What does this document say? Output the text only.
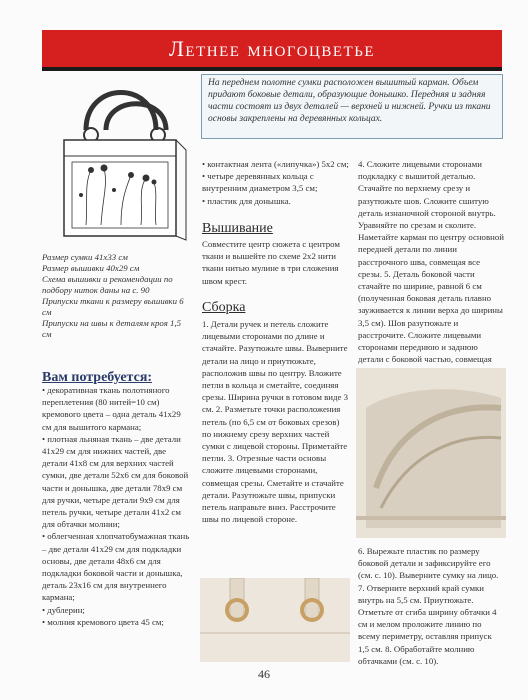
Летнее многоцветье
На переднем полотне сумки расположен вышитый карман. Объем придают боковые детали, образующие донышко. Передняя и задняя части состоят из двух деталей — верхней и нижней. Ручки из ткани основы закреплены на деревянных кольцах.

Размер сумки 41x33 см

Размер вышивки 40x29 см

Схема вышивки и рекомендации по подбору ниток даны на с. 90

Припуски ткани к размеру вышивки 6 см

Припуски на швы к деталям кроя 1,5 см

Вам потребуется:
• декоративная ткань полотняного переплетения (80 нитей=10 см) кремового цвета – одна деталь 41x29 см для вышитого кармана;
• плотная льняная ткань – две детали 41x29 см для нижних частей, две детали 41x8 см для верхних частей сумки, две детали 52x6 см для боковой части и донышка, две детали 78x9 см для ручки, четыре детали 9x9 см для петель ручки, четыре детали 41x2 см для обтачки молнии;
• облегченная хлопчатобумажная ткань – две детали 41x29 см для подкладки основы, две детали 48x6 см для подкладки боковой части и донышка, деталь 23x16 см для внутреннего кармана;
• дублерин;
• молния кремового цвета 45 см;
• контактная лента («липучка») 5x2 см;
• четыре деревянных кольца с внутренним диаметром 3,5 см;
• пластик для донышка.
Вышивание
Совместите центр сюжета с центром ткани и вышейте по схеме 2x2 нити ткани нитью мулине в три сложения швом крест.
Сборка
1. Детали ручек и петель сложите лицевыми сторонами по длине и стачайте. Разутюжьте швы. Выверните детали на лицо и приутюжьте, расположив швы по центру. Вложите петли в кольца и сметайте, соединяя срезы. Ширина ручки в готовом виде 3 см. 2. Разметьте точки расположения петель (по 6,5 см от боковых срезов) по нижнему срезу верхних частей сумки с лицевой стороны. Приметайте петли. 3. Отрезные части основы сложите лицевыми сторонами, совмещая срезы. Сметайте и стачайте детали. Разутюжьте швы, припуски петель направьте вниз. Расстрочите швы по лицевой стороне.
4. Сложите лицевыми сторонами подкладку с вышитой деталью. Стачайте по верхнему срезу и разутюжьте шов. Сложите сшитую деталь изнаночной стороной внутрь. Уравняйте по срезам и сколите. Наметайте карман по центру основной передней детали по линии расстрочного шва, совмещая все срезы. 5. Деталь боковой части стачайте по ширине, равной 6 см (полученная боковая деталь плавно зауживается к линии верха до ширины 3,5 см). Шов разутюжьте и расстрочите. Сложите лицевыми сторонами переднюю и заднюю детали с боковой частью, совмещая
6. Вырежьте пластик по размеру боковой детали и зафиксируйте его (см. с. 10). Выверните сумку на лицо. 7. Отверните верхний край сумки внутрь на 5,5 см. Приутюжьте. Отметьте от сгиба ширину обтачки 4 см и мелом проложите линию по всему периметру, оставляя припуск 1,5 см. 8. Обработайте молнию обтачками (см. с. 10).
46
